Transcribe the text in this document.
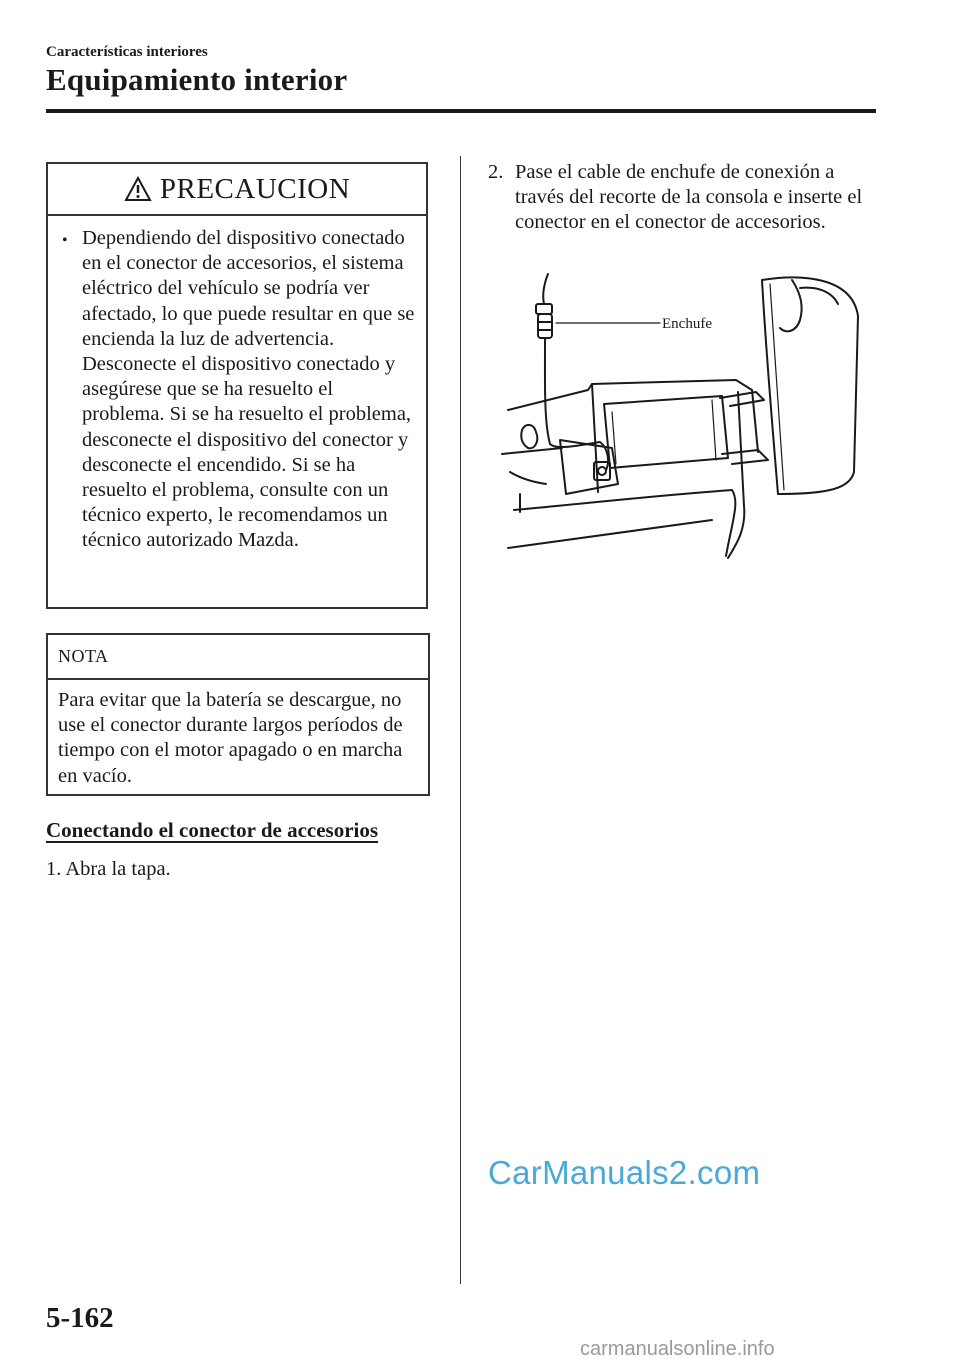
Características interiores
Equipamiento interior
PRECAUCION
• Dependiendo del dispositivo conectado en el conector de accesorios, el sistema eléctrico del vehículo se podría ver afectado, lo que puede resultar en que se encienda la luz de advertencia. Desconecte el dispositivo conectado y asegúrese que se ha resuelto el problema. Si se ha resuelto el problema, desconecte el dispositivo del conector y desconecte el encendido. Si se ha resuelto el problema, consulte con un técnico experto, le recomendamos un técnico autorizado Mazda.
NOTA
Para evitar que la batería se descargue, no use el conector durante largos períodos de tiempo con el motor apagado o en marcha en vacío.
Conectando el conector de accesorios
1. Abra la tapa.
2. Pase el cable de enchufe de conexión a través del recorte de la consola e inserte el conector en el conector de accesorios.
Enchufe
CarManuals2.com
5-162
carmanualsonline.info
